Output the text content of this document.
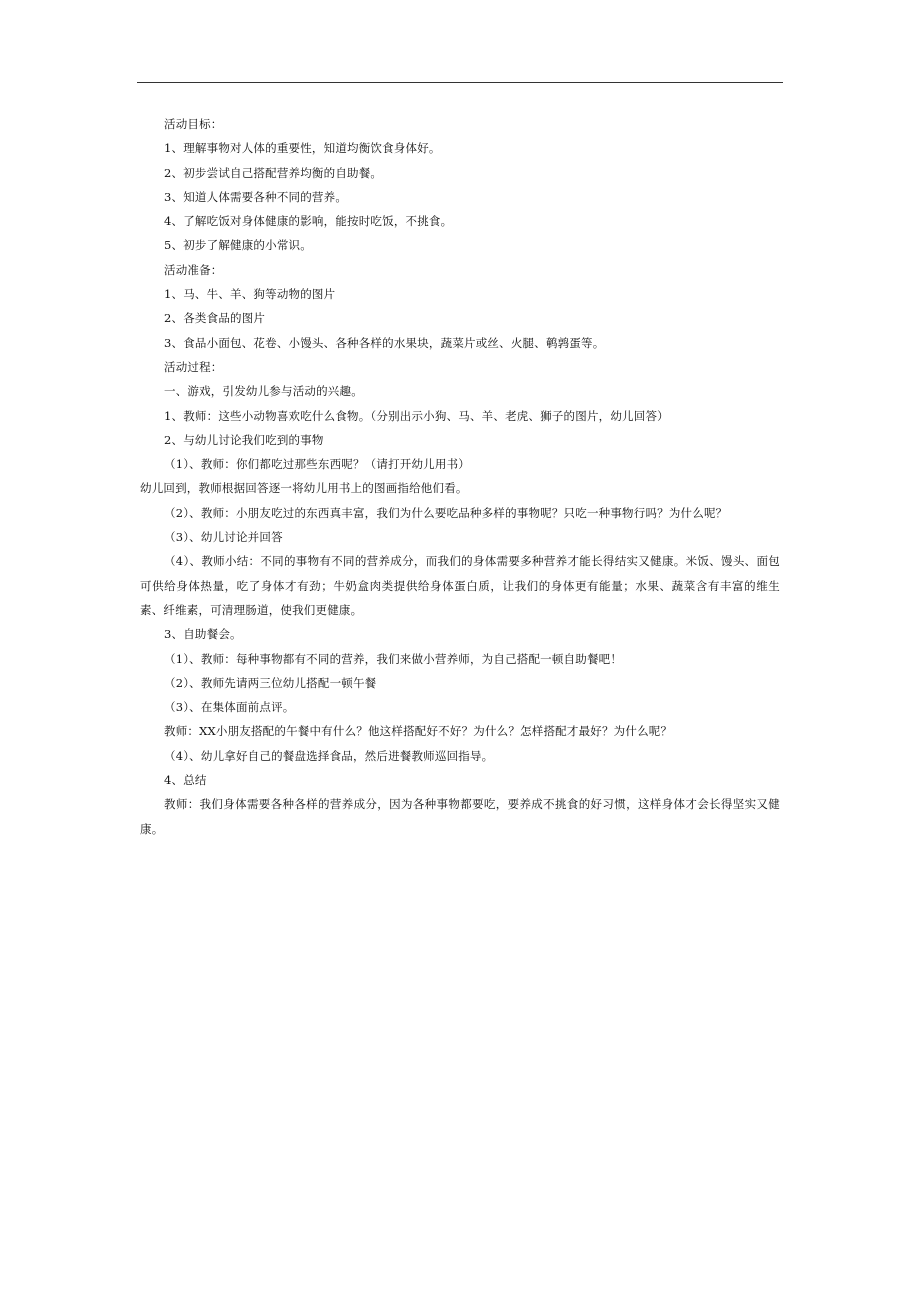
活动目标：
1、理解事物对人体的重要性，知道均衡饮食身体好。
2、初步尝试自己搭配营养均衡的自助餐。
3、知道人体需要各种不同的营养。
4、了解吃饭对身体健康的影响，能按时吃饭，不挑食。
5、初步了解健康的小常识。
活动准备：
1、马、牛、羊、狗等动物的图片
2、各类食品的图片
3、食品小面包、花卷、小馒头、各种各样的水果块，蔬菜片或丝、火腿、鹌鹑蛋等。
活动过程：
一、游戏，引发幼儿参与活动的兴趣。
1、教师：这些小动物喜欢吃什么食物。（分别出示小狗、马、羊、老虎、狮子的图片，幼儿回答）
2、与幼儿讨论我们吃到的事物
（1）、教师：你们都吃过那些东西呢？（请打开幼儿用书）
幼儿回到，教师根据回答逐一将幼儿用书上的图画指给他们看。
（2）、教师：小朋友吃过的东西真丰富，我们为什么要吃品种多样的事物呢？只吃一种事物行吗？为什么呢？
（3）、幼儿讨论并回答
（4）、教师小结：不同的事物有不同的营养成分，而我们的身体需要多种营养才能长得结实又健康。米饭、馒头、面包可供给身体热量，吃了身体才有劲；牛奶盒肉类提供给身体蛋白质，让我们的身体更有能量；水果、蔬菜含有丰富的维生素、纤维素，可清理肠道，使我们更健康。
3、自助餐会。
（1）、教师：每种事物都有不同的营养，我们来做小营养师，为自己搭配一顿自助餐吧！
（2）、教师先请两三位幼儿搭配一顿午餐
（3）、在集体面前点评。
教师：XX小朋友搭配的午餐中有什么？他这样搭配好不好？为什么？怎样搭配才最好？为什么呢？
（4）、幼儿拿好自己的餐盘选择食品，然后进餐教师巡回指导。
4、总结
教师：我们身体需要各种各样的营养成分，因为各种事物都要吃，要养成不挑食的好习惯，这样身体才会长得坚实又健康。
